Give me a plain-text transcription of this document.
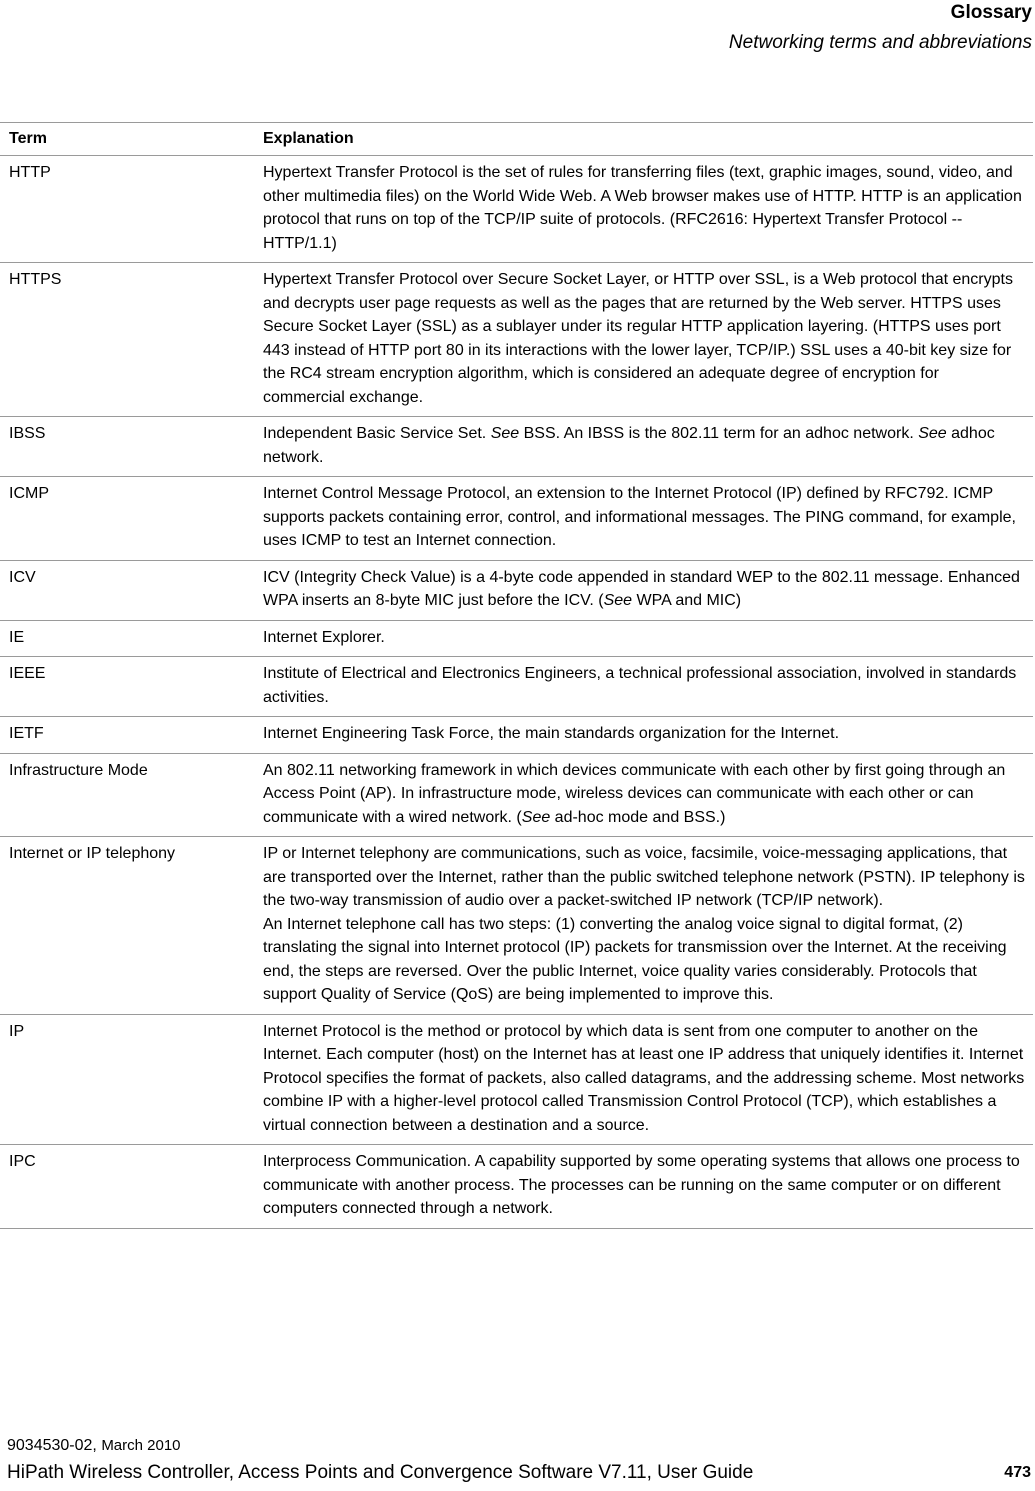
Glossary
Networking terms and abbreviations
Term	Explanation
HTTP	Hypertext Transfer Protocol is the set of rules for transferring files (text, graphic images, sound, video, and other multimedia files) on the World Wide Web. A Web browser makes use of HTTP. HTTP is an application protocol that runs on top of the TCP/IP suite of protocols. (RFC2616: Hypertext Transfer Protocol -- HTTP/1.1)
HTTPS	Hypertext Transfer Protocol over Secure Socket Layer, or HTTP over SSL, is a Web protocol that encrypts and decrypts user page requests as well as the pages that are returned by the Web server. HTTPS uses Secure Socket Layer (SSL) as a sublayer under its regular HTTP application layering. (HTTPS uses port 443 instead of HTTP port 80 in its interactions with the lower layer, TCP/IP.) SSL uses a 40-bit key size for the RC4 stream encryption algorithm, which is considered an adequate degree of encryption for commercial exchange.
IBSS	Independent Basic Service Set. See BSS. An IBSS is the 802.11 term for an adhoc network. See adhoc network.
ICMP	Internet Control Message Protocol, an extension to the Internet Protocol (IP) defined by RFC792. ICMP supports packets containing error, control, and informational messages. The PING command, for example, uses ICMP to test an Internet connection.
ICV	ICV (Integrity Check Value) is a 4-byte code appended in standard WEP to the 802.11 message. Enhanced WPA inserts an 8-byte MIC just before the ICV. (See WPA and MIC)
IE	Internet Explorer.
IEEE	Institute of Electrical and Electronics Engineers, a technical professional association, involved in standards activities.
IETF	Internet Engineering Task Force, the main standards organization for the Internet.
Infrastructure Mode	An 802.11 networking framework in which devices communicate with each other by first going through an Access Point (AP). In infrastructure mode, wireless devices can communicate with each other or can communicate with a wired network. (See ad-hoc mode and BSS.)
Internet or IP telephony	IP or Internet telephony are communications, such as voice, facsimile, voice-messaging applications, that are transported over the Internet, rather than the public switched telephone network (PSTN). IP telephony is the two-way transmission of audio over a packet-switched IP network (TCP/IP network).
An Internet telephone call has two steps: (1) converting the analog voice signal to digital format, (2) translating the signal into Internet protocol (IP) packets for transmission over the Internet. At the receiving end, the steps are reversed. Over the public Internet, voice quality varies considerably. Protocols that support Quality of Service (QoS) are being implemented to improve this.
IP	Internet Protocol is the method or protocol by which data is sent from one computer to another on the Internet. Each computer (host) on the Internet has at least one IP address that uniquely identifies it. Internet Protocol specifies the format of packets, also called datagrams, and the addressing scheme. Most networks combine IP with a higher-level protocol called Transmission Control Protocol (TCP), which establishes a virtual connection between a destination and a source.
IPC	Interprocess Communication. A capability supported by some operating systems that allows one process to communicate with another process. The processes can be running on the same computer or on different computers connected through a network.
9034530-02, March 2010
HiPath Wireless Controller, Access Points and Convergence Software V7.11, User Guide	473
